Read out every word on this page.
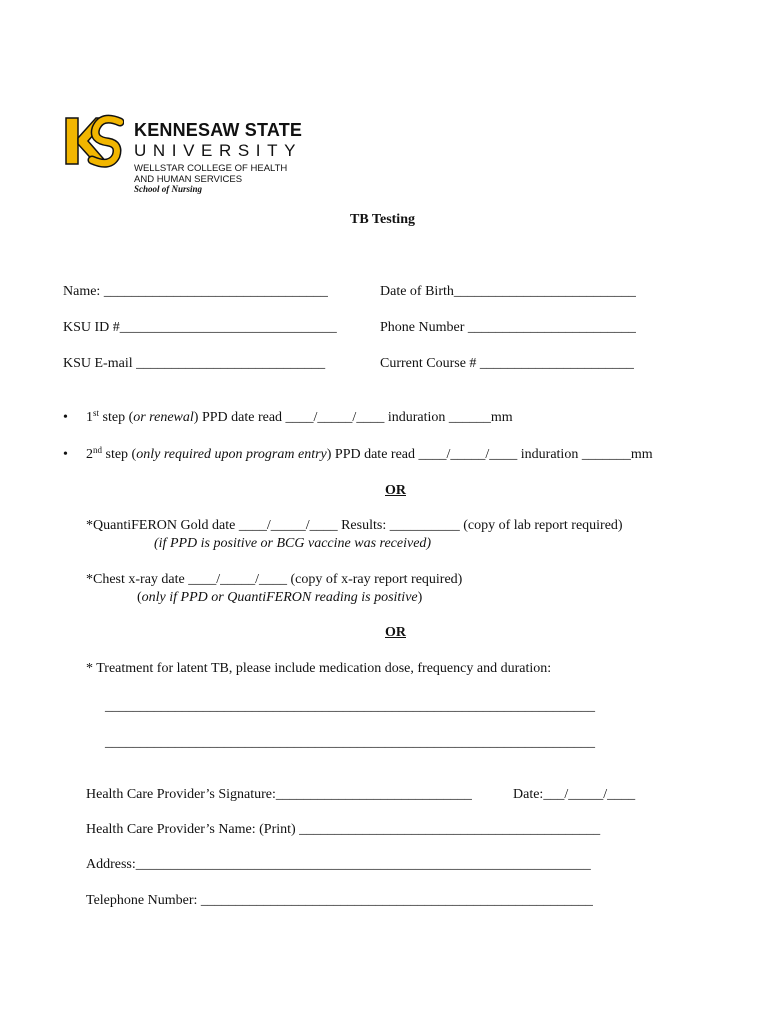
KENNESAW STATE
UNIVERSITY
WELLSTAR COLLEGE OF HEALTH
AND HUMAN SERVICES
School of Nursing
TB Testing
Name: ________________________________	Date of Birth__________________________
KSU ID #_______________________________	Phone Number ________________________
KSU E-mail ___________________________	Current Course # ______________________
• 1st step (or renewal) PPD date read ____/_____/____ induration ______mm
• 2nd step (only required upon program entry) PPD date read ____/_____/____ induration _______mm
OR
*QuantiFERON Gold date ____/_____/____ Results: __________ (copy of lab report required)
(if PPD is positive or BCG vaccine was received)
*Chest x-ray date ____/_____/____ (copy of x-ray report required)
(only if PPD or QuantiFERON reading is positive)
OR
* Treatment for latent TB, please include medication dose, frequency and duration:
______________________________________________________________________
______________________________________________________________________
Health Care Provider’s Signature:____________________________	Date:___/_____/____
Health Care Provider’s Name: (Print) ___________________________________________
Address:_________________________________________________________________
Telephone Number: ________________________________________________________
